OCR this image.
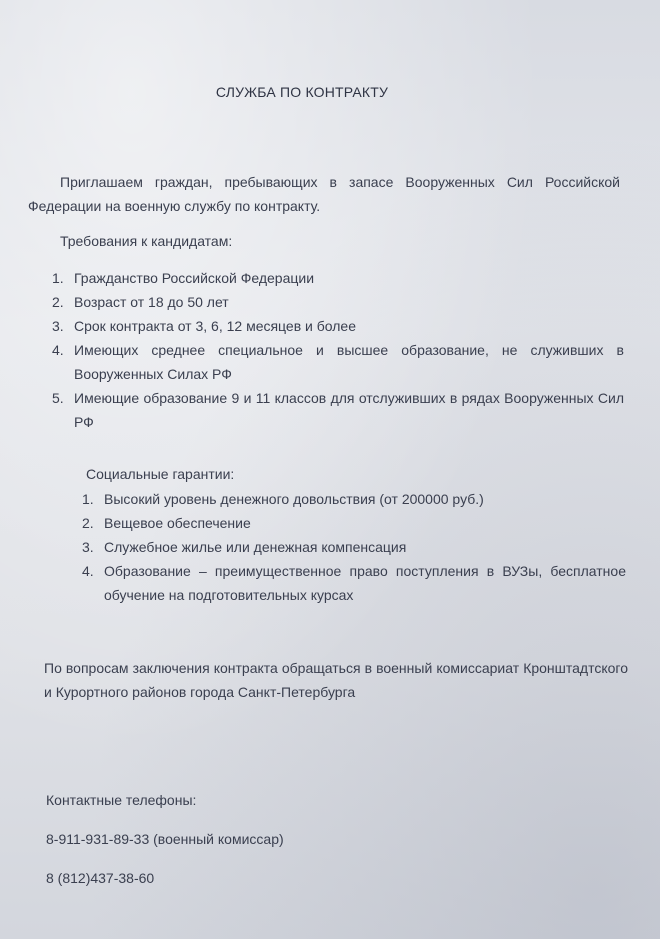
СЛУЖБА ПО КОНТРАКТУ
Приглашаем граждан, пребывающих в запасе Вооруженных Сил Российской Федерации на военную службу по контракту.
Требования к кандидатам:
1. Гражданство Российской Федерации
2. Возраст от 18 до 50 лет
3. Срок контракта от 3, 6, 12 месяцев и более
4. Имеющих среднее специальное и высшее образование, не служивших в Вооруженных Силах РФ
5. Имеющие образование 9 и 11 классов для отслуживших в рядах Вооруженных Сил РФ
Социальные гарантии:
1. Высокий уровень денежного довольствия (от 200000 руб.)
2. Вещевое обеспечение
3. Служебное жилье или денежная компенсация
4. Образование – преимущественное право поступления в ВУЗы, бесплатное обучение на подготовительных курсах
По вопросам заключения контракта обращаться в военный комиссариат Кронштадтского и Курортного районов города Санкт-Петербурга
Контактные телефоны:
8-911-931-89-33 (военный комиссар)
8 (812)437-38-60
